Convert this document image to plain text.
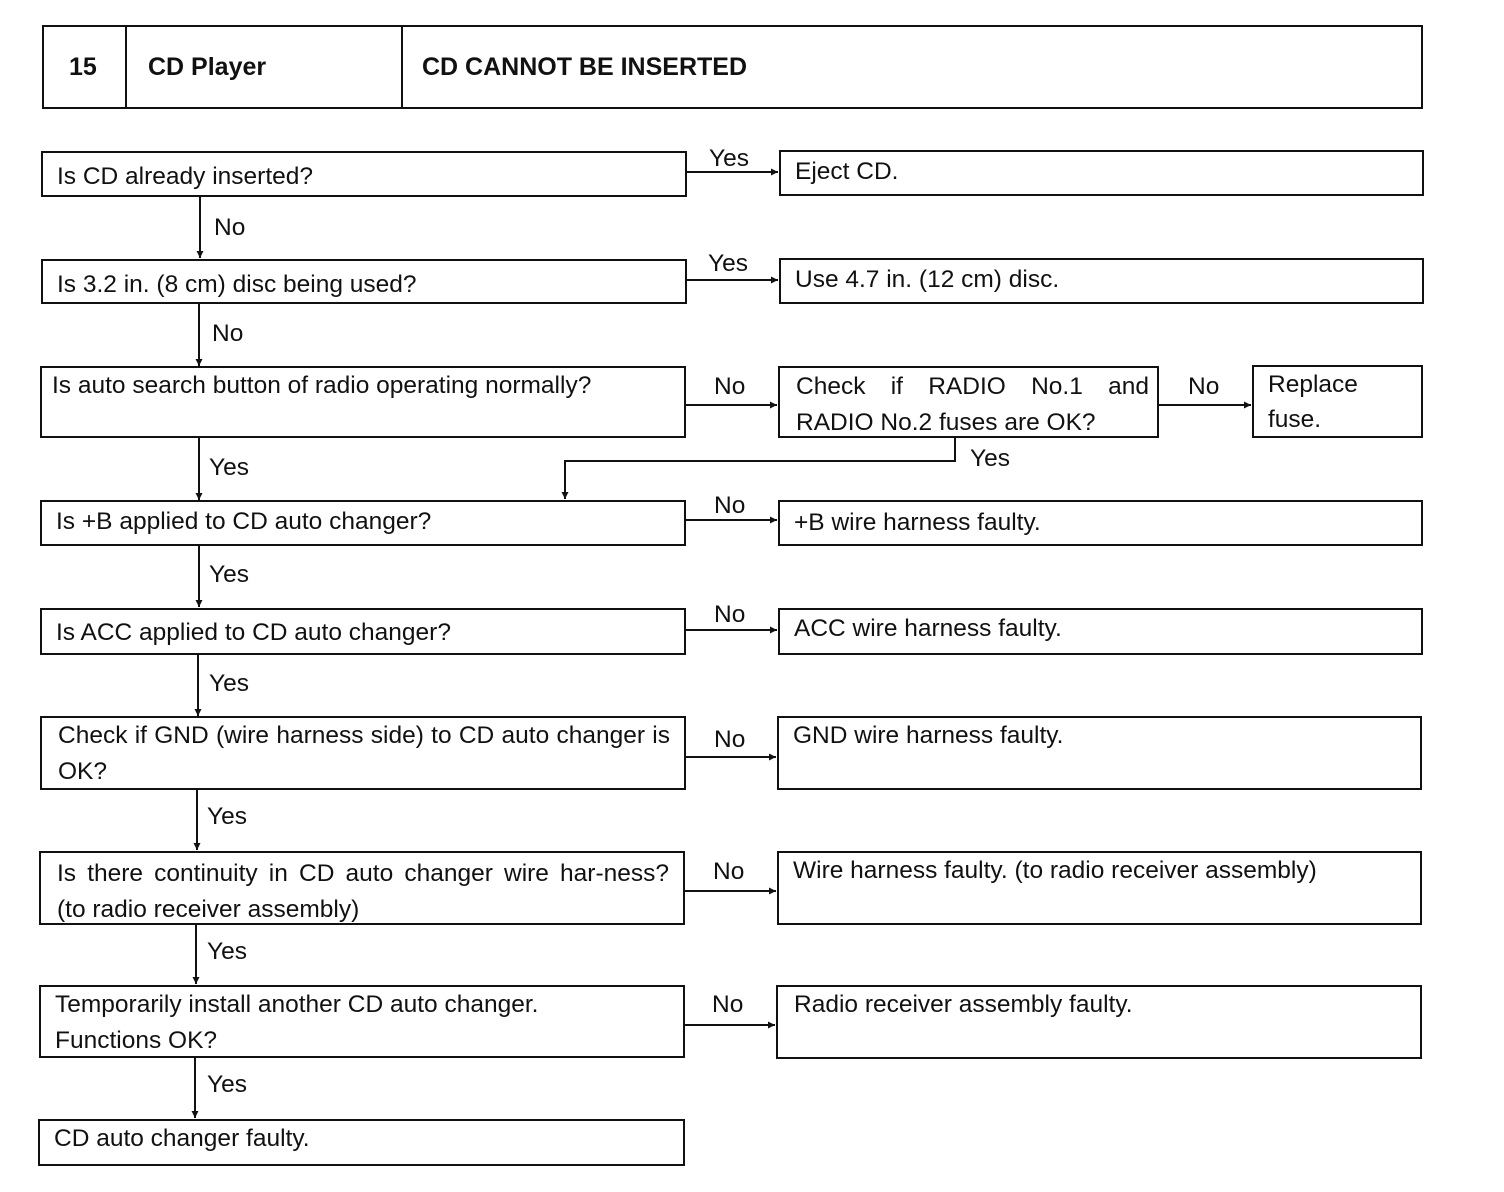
15	CD Player	CD CANNOT BE INSERTED
Is CD already inserted?
Is 3.2 in. (8 cm) disc being used?
Is auto search button of radio operating normally?
Is +B applied to CD auto changer?
Is ACC applied to CD auto changer?
Check if GND (wire harness side) to CD auto changer is OK?
Is there continuity in CD auto changer wire har-ness? (to radio receiver assembly)
Temporarily install another CD auto changer.
Functions OK?
CD auto changer faulty.
Eject CD.
Use 4.7 in. (12 cm) disc.
Check if RADIO No.1 and RADIO No.2 fuses are OK?
Replace
fuse.
+B wire harness faulty.
ACC wire harness faulty.
GND wire harness faulty.
Wire harness faulty. (to radio receiver assembly)
Radio receiver assembly faulty.
Yes
No
Yes
No
No	No
Yes
Yes
No
Yes
No
Yes
No
Yes
No
Yes
No
Yes
